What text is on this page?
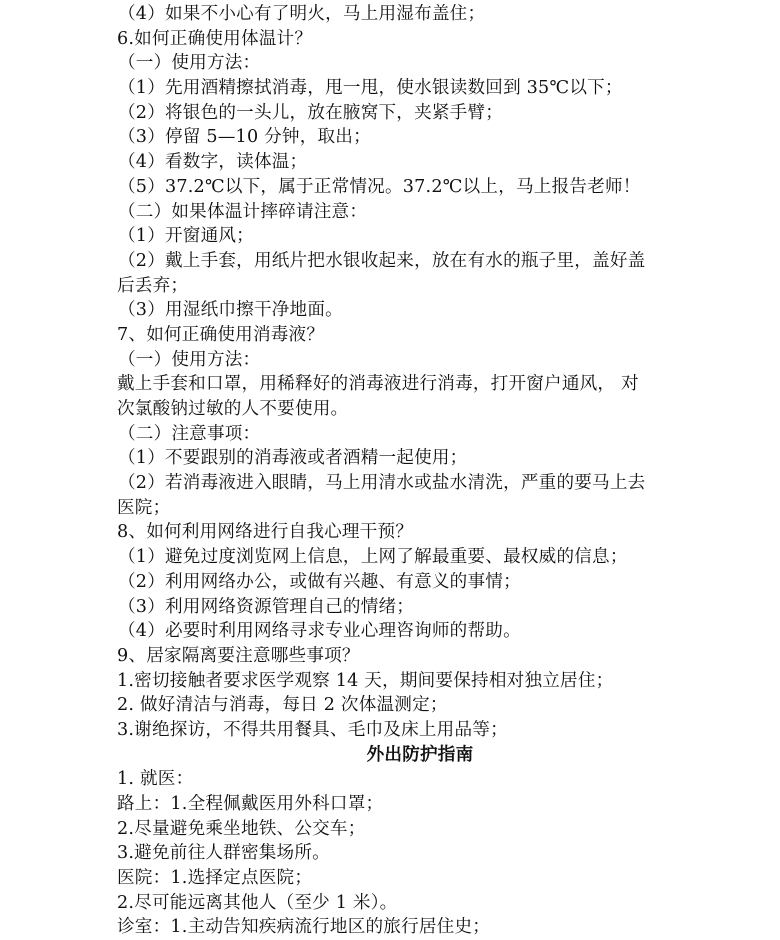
（4）如果不小心有了明火，马上用湿布盖住；
6.如何正确使用体温计？
（一）使用方法：
（1）先用酒精擦拭消毒，甩一甩，使水银读数回到 35℃以下；
（2）将银色的一头儿，放在腋窝下，夹紧手臂；
（3）停留 5—10 分钟，取出；
（4）看数字，读体温；
（5）37.2℃以下，属于正常情况。37.2℃以上，马上报告老师！
（二）如果体温计摔碎请注意：
（1）开窗通风；
（2）戴上手套，用纸片把水银收起来，放在有水的瓶子里，盖好盖
后丢弃；
（3）用湿纸巾擦干净地面。
7、如何正确使用消毒液？
（一）使用方法：
戴上手套和口罩，用稀释好的消毒液进行消毒，打开窗户通风， 对
次氯酸钠过敏的人不要使用。
（二）注意事项：
（1）不要跟别的消毒液或者酒精一起使用；
（2）若消毒液进入眼睛，马上用清水或盐水清洗，严重的要马上去
医院；
8、如何利用网络进行自我心理干预？
（1）避免过度浏览网上信息，上网了解最重要、最权威的信息；
（2）利用网络办公，或做有兴趣、有意义的事情；
（3）利用网络资源管理自己的情绪；
（4）必要时利用网络寻求专业心理咨询师的帮助。
9、居家隔离要注意哪些事项？
1.密切接触者要求医学观察 14 天，期间要保持相对独立居住；
2. 做好清洁与消毒，每日 2 次体温测定；
3.谢绝探访，不得共用餐具、毛巾及床上用品等；
外出防护指南
1. 就医：
路上：1.全程佩戴医用外科口罩；
2.尽量避免乘坐地铁、公交车；
3.避免前往人群密集场所。
医院：1.选择定点医院；
2.尽可能远离其他人（至少 1 米）。
诊室：1.主动告知疾病流行地区的旅行居住史；
